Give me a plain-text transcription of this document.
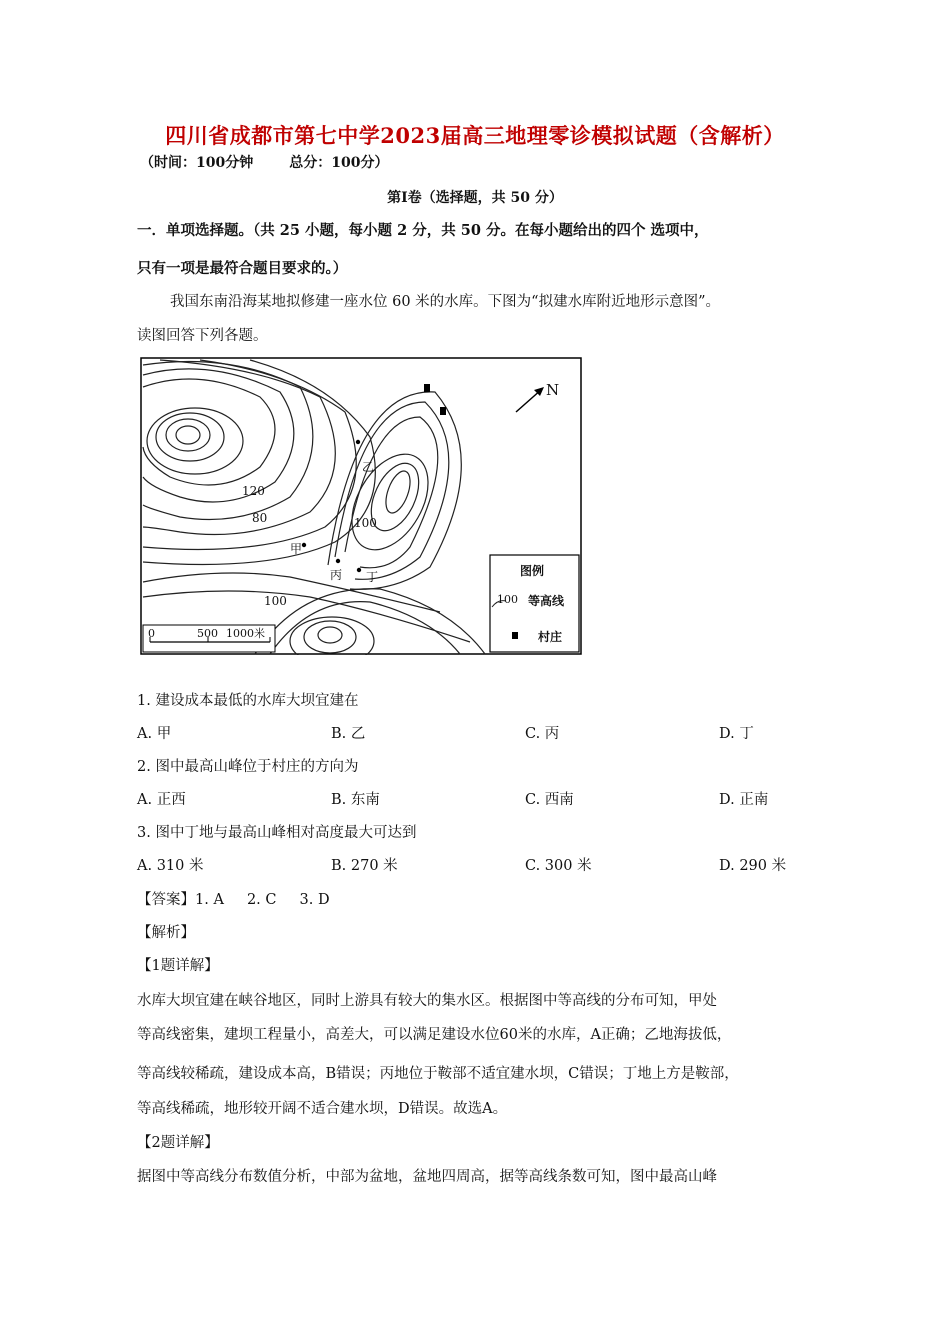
四川省成都市第七中学2023届高三地理零诊模拟试题（含解析）
（时间：100分钟	总分：100分）
第Ⅰ卷（选择题，共 50 分）
一．单项选择题。（共 25 小题，每小题 2 分，共 50 分。在每小题给出的四个 选项中，
只有一项是最符合题目要求的。）
我国东南沿海某地拟修建一座水位 60 米的水库。下图为“拟建水库附近地形示意图”。
读图回答下列各题。
120
80	100
100
甲
乙
丙 丁
N
0	500 1000米
图例
100 等高线
村庄
1. 建设成本最低的水库大坝宜建在
A. 甲	B. 乙	C. 丙	D. 丁
2. 图中最高山峰位于村庄的方向为
A. 正西	B. 东南	C. 西南	D. 正南
3. 图中丁地与最高山峰相对高度最大可达到
A. 310 米	B. 270 米	C. 300 米	D. 290 米
【答案】1. A     2. C     3. D
【解析】
【1题详解】
水库大坝宜建在峡谷地区，同时上游具有较大的集水区。根据图中等高线的分布可知，甲处
等高线密集，建坝工程量小，高差大，可以满足建设水位60米的水库，A正确；乙地海拔低，
等高线较稀疏，建设成本高，B错误；丙地位于鞍部不适宜建水坝，C错误；丁地上方是鞍部，
等高线稀疏，地形较开阔不适合建水坝，D错误。故选A。
【2题详解】
据图中等高线分布数值分析，中部为盆地，盆地四周高，据等高线条数可知，图中最高山峰
